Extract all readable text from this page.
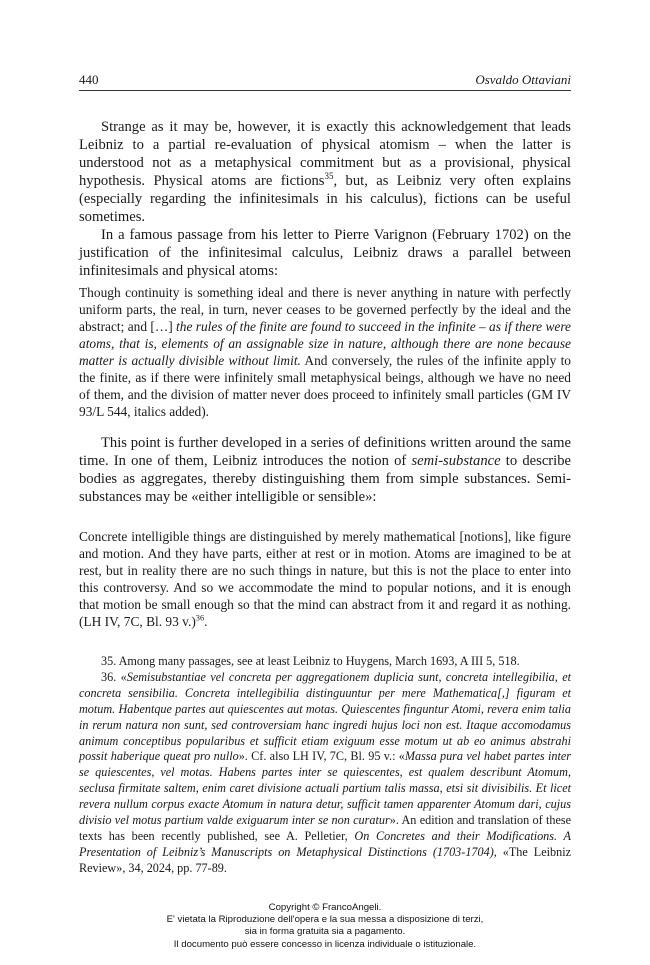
440	Osvaldo Ottaviani

Strange as it may be, however, it is exactly this acknowledgement that leads Leibniz to a partial re-evaluation of physical atomism – when the latter is understood not as a metaphysical commitment but as a provisional, physical hypothesis. Physical atoms are fictions$^{35}$, but, as Leibniz very often explains (especially regarding the infinitesimals in his calculus), fictions can be useful sometimes.

In a famous passage from his letter to Pierre Varignon (February 1702) on the justification of the infinitesimal calculus, Leibniz draws a parallel between infinitesimals and physical atoms:

Though continuity is something ideal and there is never anything in nature with perfectly uniform parts, the real, in turn, never ceases to be governed perfectly by the ideal and the abstract; and […] the rules of the finite are found to succeed in the infinite – as if there were atoms, that is, elements of an assignable size in nature, although there are none because matter is actually divisible without limit. And conversely, the rules of the infinite apply to the finite, as if there were infinitely small metaphysical beings, although we have no need of them, and the division of matter never does proceed to infinitely small particles (GM IV 93/L 544, italics added).

This point is further developed in a series of definitions written around the same time. In one of them, Leibniz introduces the notion of semi-substance to describe bodies as aggregates, thereby distinguishing them from simple substances. Semi-substances may be «either intelligible or sensible»:

Concrete intelligible things are distinguished by merely mathematical [notions], like figure and motion. And they have parts, either at rest or in motion. Atoms are imagined to be at rest, but in reality there are no such things in nature, but this is not the place to enter into this controversy. And so we accommodate the mind to popular notions, and it is enough that motion be small enough so that the mind can abstract from it and regard it as nothing. (LH IV, 7C, Bl. 93 v.)$^{36}$.

35. Among many passages, see at least Leibniz to Huygens, March 1693, A III 5, 518.

36. «Semisubstantiae vel concreta per aggregationem duplicia sunt, concreta intellegibilia, et concreta sensibilia. Concreta intellegibilia distinguuntur per mere Mathematica[,] figuram et motum. Habentque partes aut quiescentes aut motas. Quiescentes finguntur Atomi, revera enim talia in rerum natura non sunt, sed controversiam hanc ingredi hujus loci non est. Itaque accomodamus animum conceptibus popularibus et sufficit etiam exiguum esse motum ut ab eo animus abstrahi possit haberique queat pro nullo». Cf. also LH IV, 7C, Bl. 95 v.: «Massa pura vel habet partes inter se quiescentes, vel motas. Habens partes inter se quiescentes, est qualem describunt Atomum, seclusa firmitate saltem, enim caret divisione actuali partium talis massa, etsi sit divisibilis. Et licet revera nullum corpus exacte Atomum in natura detur, sufficit tamen apparenter Atomum dari, cujus divisio vel motus partium valde exiguarum inter se non curatur». An edition and translation of these texts has been recently published, see A. Pelletier, On Concretes and their Modifications. A Presentation of Leibniz’s Manuscripts on Metaphysical Distinctions (1703-1704), «The Leibniz Review», 34, 2024, pp. 77-89.

Copyright © FrancoAngeli.
E' vietata la Riproduzione dell'opera e la sua messa a disposizione di terzi,
sia in forma gratuita sia a pagamento.
Il documento può essere concesso in licenza individuale o istituzionale.
